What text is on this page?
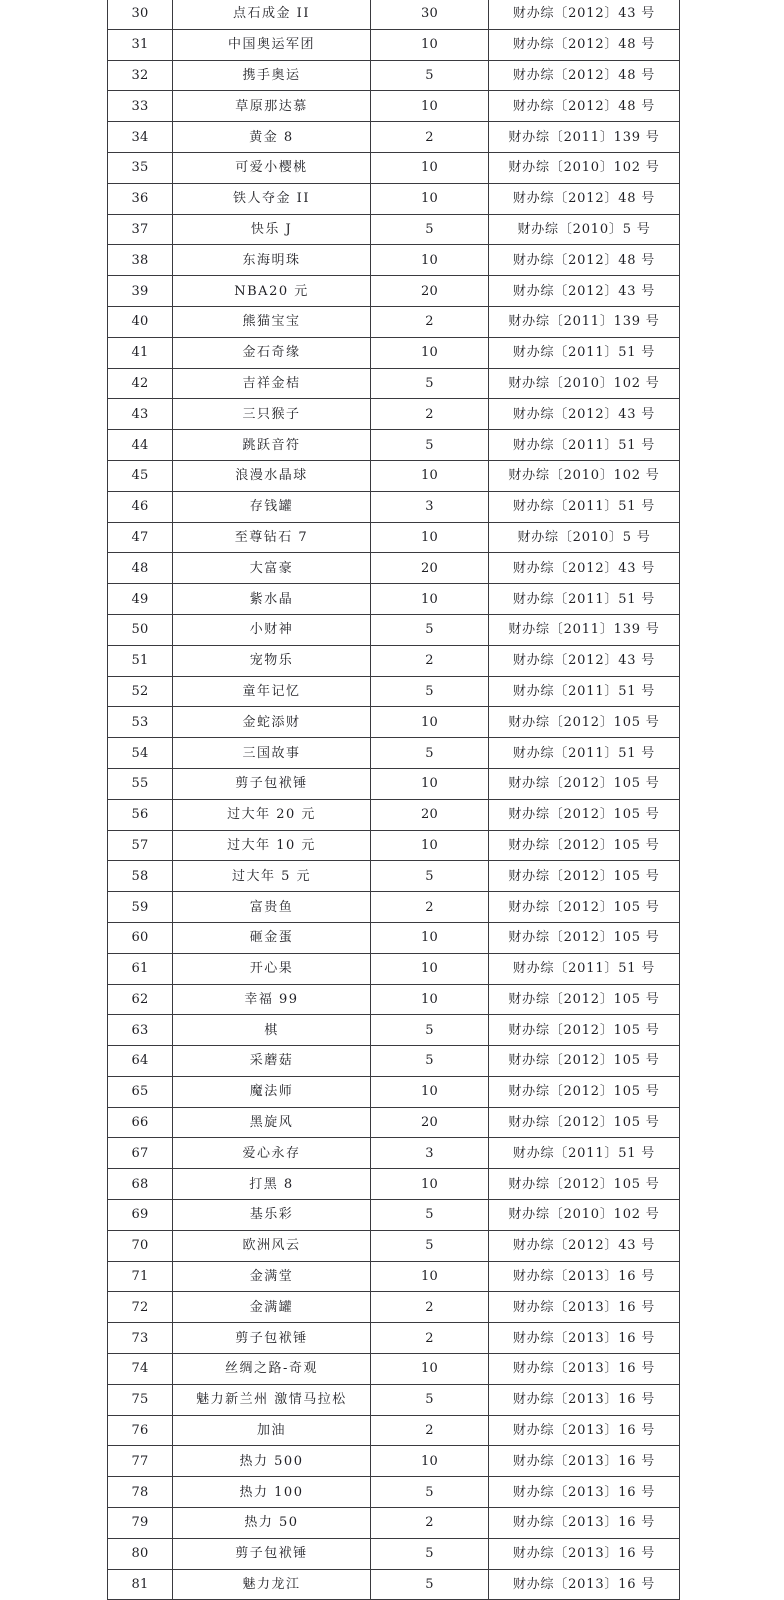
30	点石成金 II	30	财办综〔2012〕43 号
31	中国奥运军团	10	财办综〔2012〕48 号
32	携手奥运	5	财办综〔2012〕48 号
33	草原那达慕	10	财办综〔2012〕48 号
34	黄金 8	2	财办综〔2011〕139 号
35	可爱小樱桃	10	财办综〔2010〕102 号
36	铁人夺金 II	10	财办综〔2012〕48 号
37	快乐 J	5	财办综〔2010〕5 号
38	东海明珠	10	财办综〔2012〕48 号
39	NBA20 元	20	财办综〔2012〕43 号
40	熊猫宝宝	2	财办综〔2011〕139 号
41	金石奇缘	10	财办综〔2011〕51 号
42	吉祥金桔	5	财办综〔2010〕102 号
43	三只猴子	2	财办综〔2012〕43 号
44	跳跃音符	5	财办综〔2011〕51 号
45	浪漫水晶球	10	财办综〔2010〕102 号
46	存钱罐	3	财办综〔2011〕51 号
47	至尊钻石 7	10	财办综〔2010〕5 号
48	大富豪	20	财办综〔2012〕43 号
49	紫水晶	10	财办综〔2011〕51 号
50	小财神	5	财办综〔2011〕139 号
51	宠物乐	2	财办综〔2012〕43 号
52	童年记忆	5	财办综〔2011〕51 号
53	金蛇添财	10	财办综〔2012〕105 号
54	三国故事	5	财办综〔2011〕51 号
55	剪子包袱锤	10	财办综〔2012〕105 号
56	过大年 20 元	20	财办综〔2012〕105 号
57	过大年 10 元	10	财办综〔2012〕105 号
58	过大年 5 元	5	财办综〔2012〕105 号
59	富贵鱼	2	财办综〔2012〕105 号
60	砸金蛋	10	财办综〔2012〕105 号
61	开心果	10	财办综〔2011〕51 号
62	幸福 99	10	财办综〔2012〕105 号
63	棋	5	财办综〔2012〕105 号
64	采蘑菇	5	财办综〔2012〕105 号
65	魔法师	10	财办综〔2012〕105 号
66	黑旋风	20	财办综〔2012〕105 号
67	爱心永存	3	财办综〔2011〕51 号
68	打黑 8	10	财办综〔2012〕105 号
69	基乐彩	5	财办综〔2010〕102 号
70	欧洲风云	5	财办综〔2012〕43 号
71	金满堂	10	财办综〔2013〕16 号
72	金满罐	2	财办综〔2013〕16 号
73	剪子包袱锤	2	财办综〔2013〕16 号
74	丝绸之路-奇观	10	财办综〔2013〕16 号
75	魅力新兰州 激情马拉松	5	财办综〔2013〕16 号
76	加油	2	财办综〔2013〕16 号
77	热力 500	10	财办综〔2013〕16 号
78	热力 100	5	财办综〔2013〕16 号
79	热力 50	2	财办综〔2013〕16 号
80	剪子包袱锤	5	财办综〔2013〕16 号
81	魅力龙江	5	财办综〔2013〕16 号
